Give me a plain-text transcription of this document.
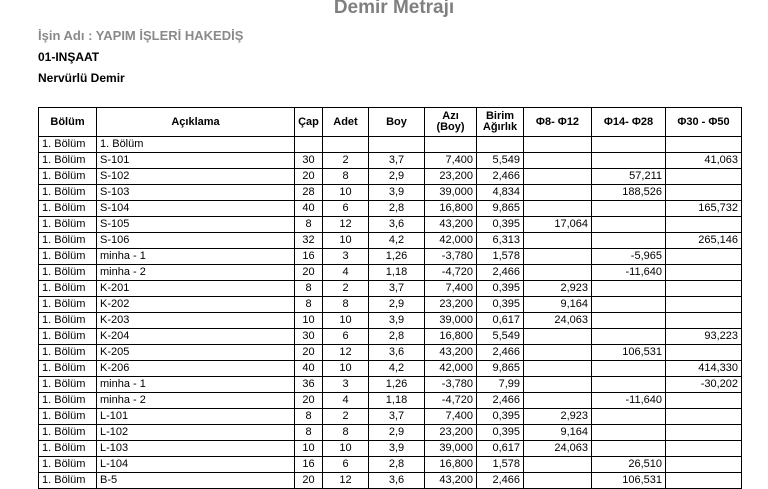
Demir Metrajı
İşin Adı : YAPIM İŞLERİ HAKEDİŞ
01-INŞAAT
Nervürlü Demir
Bölüm	Açıklama	Çap	Adet	Boy	Azı (Boy)	Birim Ağırlık	Φ8- Φ12	Φ14- Φ28	Φ30 - Φ50
1. Bölüm	1. Bölüm								
1. Bölüm	S-101	30	2	3,7	7,400	5,549			41,063
1. Bölüm	S-102	20	8	2,9	23,200	2,466		57,211	
1. Bölüm	S-103	28	10	3,9	39,000	4,834		188,526	
1. Bölüm	S-104	40	6	2,8	16,800	9,865			165,732
1. Bölüm	S-105	8	12	3,6	43,200	0,395	17,064		
1. Bölüm	S-106	32	10	4,2	42,000	6,313			265,146
1. Bölüm	minha - 1	16	3	1,26	-3,780	1,578		-5,965	
1. Bölüm	minha - 2	20	4	1,18	-4,720	2,466		-11,640	
1. Bölüm	K-201	8	2	3,7	7,400	0,395	2,923		
1. Bölüm	K-202	8	8	2,9	23,200	0,395	9,164		
1. Bölüm	K-203	10	10	3,9	39,000	0,617	24,063		
1. Bölüm	K-204	30	6	2,8	16,800	5,549			93,223
1. Bölüm	K-205	20	12	3,6	43,200	2,466		106,531	
1. Bölüm	K-206	40	10	4,2	42,000	9,865			414,330
1. Bölüm	minha - 1	36	3	1,26	-3,780	7,99			-30,202
1. Bölüm	minha - 2	20	4	1,18	-4,720	2,466		-11,640	
1. Bölüm	L-101	8	2	3,7	7,400	0,395	2,923		
1. Bölüm	L-102	8	8	2,9	23,200	0,395	9,164		
1. Bölüm	L-103	10	10	3,9	39,000	0,617	24,063		
1. Bölüm	L-104	16	6	2,8	16,800	1,578		26,510	
1. Bölüm	B-5	20	12	3,6	43,200	2,466		106,531	
